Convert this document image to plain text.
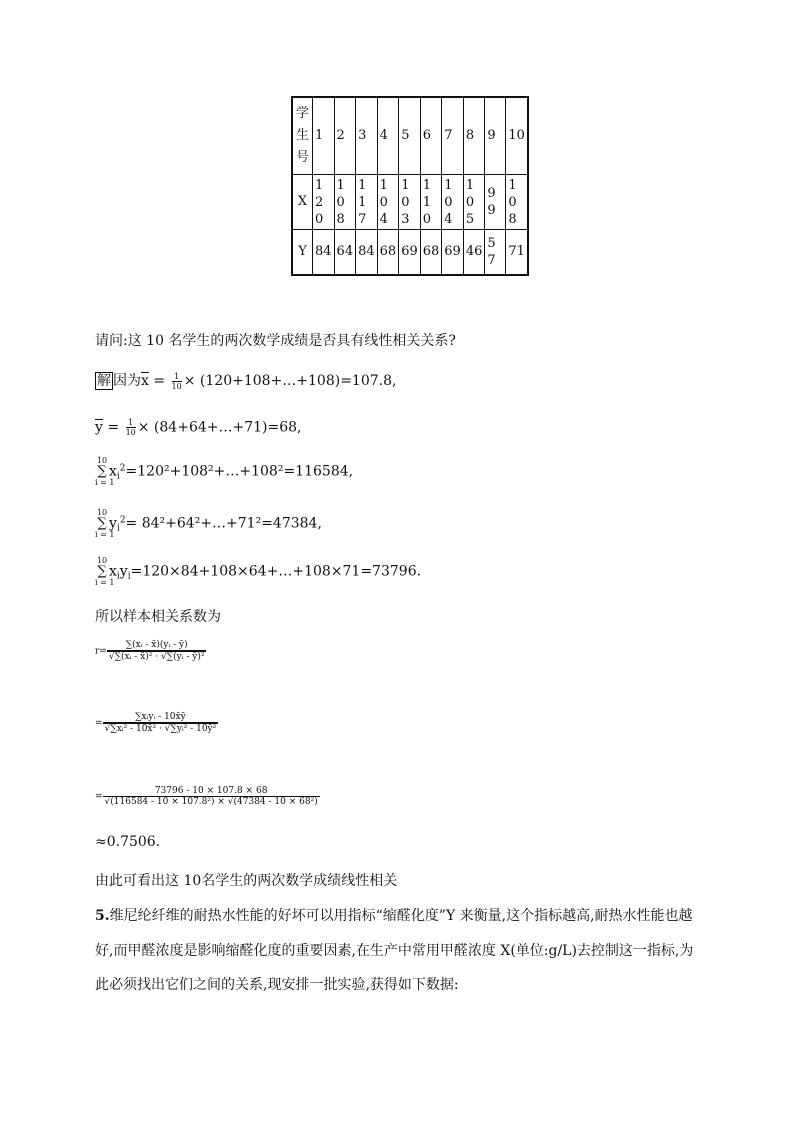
学生号	1	2	3	4	5	6	7	8	9	10
X	120	108	117	104	103	110	104	105	99	108
Y	84	64	84	68	69	68	69	46	57	71
请问:这 10 名学生的两次数学成绩是否具有线性相关关系?
解 因为$\overline{x} = \frac{1}{10}$ × (120+108+…+108)=107.8,
$\overline{y} = \frac{1}{10}$ × (84+64+…+71)=68,
10
∑
$i = 1x_i^2=120^2+108^2+\dots+108^2=116584$,
10
∑
$i = 1y_i^2=$ 84²+64²+…+71²=47384,
10
∑
$i = 1x_iy_i=120\times 84+108\times 64+\dots+108\times 71=73796$.
所以样本相关系数为
$r= \frac{\text{∑(xᵢ - x̄)(yᵢ - ȳ)}}{\text{√∑(xᵢ - x̄)² · √∑(yᵢ - ȳ)²}}$
=
∑xᵢyᵢ - 10x̄ȳ
√∑xᵢ² - 10x̄² · √∑yᵢ² - 10ȳ²
= $\frac{73796 - 10 \times 107.8 \times 68}{\text{√(116584 - 10 × 107.8²) × √(47384 - 10 × 68²)}}$
≈0.7506.
由此可看出这 10名学生的两次数学成绩线性相关
5.维尼纶纤维的耐热水性能的好坏可以用指标“缩醛化度”Y 来衡量,这个指标越高,耐热水性能也越
好,而甲醛浓度是影响缩醛化度的重要因素,在生产中常用甲醛浓度 X(单位:g/L)去控制这一指标,为
此必须找出它们之间的关系,现安排一批实验,获得如下数据:
